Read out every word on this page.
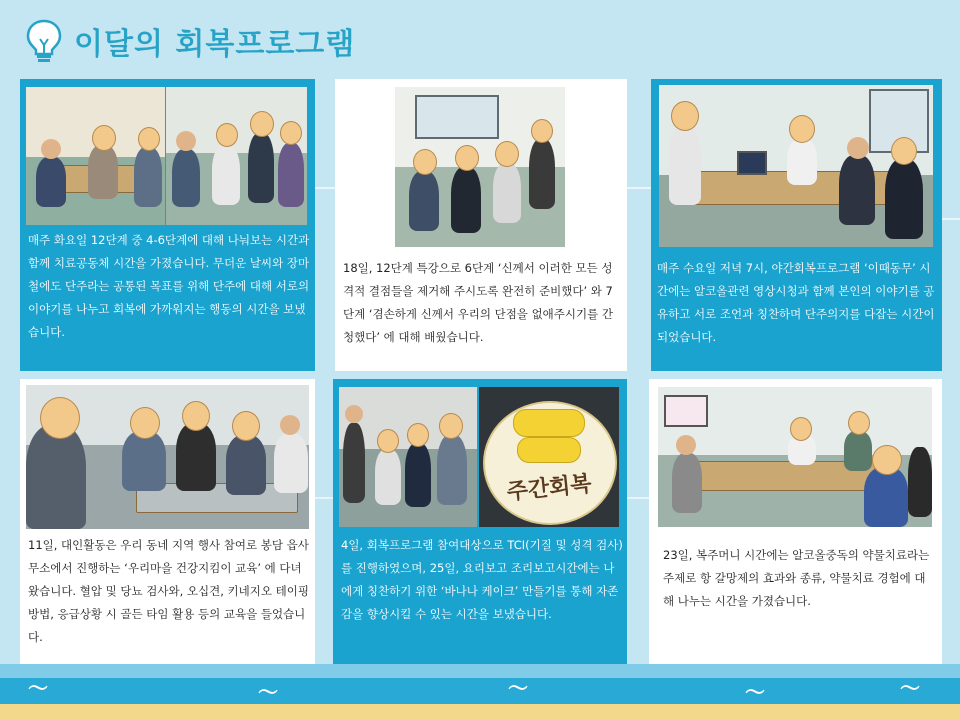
이달의 회복프로그램
매주 화요일 12단계 중 4-6단계에 대해 나눠보는 시간과 함께 치료공동체 시간을 가졌습니다. 무더운 날씨와 장마철에도 단주라는 공통된 목표를 위해 단주에 대해 서로의 이야기를 나누고 회복에 가까워지는 행동의 시간을 보냈습니다.
18일, 12단계 특강으로 6단계 ‘신께서 이러한 모든 성격적 결점들을 제거해 주시도록 완전히 준비했다’ 와 7단계 ‘겸손하게 신께서 우리의 단점을 없애주시기를 간청했다’ 에 대해 배웠습니다.
매주 수요일 저녁 7시, 야간회복프로그램 ‘이때동무’ 시간에는 알코올관련 영상시청과 함께 본인의 이야기를 공유하고 서로 조언과 칭찬하며 단주의지를 다잡는 시간이 되었습니다.
11일, 대인활동은 우리 동네 지역 행사 참여로 봉담 읍사무소에서 진행하는 ‘우리마을 건강지킴이 교육’ 에 다녀왔습니다. 혈압 및 당뇨 검사와, 오십견, 키네지오 테이핑 방법, 응급상황 시 골든 타임 활용 등의 교육을 들었습니다.
주간회복
4일, 회복프로그램 참여대상으로 TCI(기질 및 성격 검사)를 진행하였으며, 25일, 요리보고 조리보고시간에는 나에게 칭찬하기 위한 ‘바나나 케이크’ 만들기를 통해 자존감을 향상시킬 수 있는 시간을 보냈습니다.
23일, 복주머니 시간에는 알코올중독의 약물치료라는 주제로 항 갈망제의 효과와 종류, 약물치료 경험에 대해 나누는 시간을 가졌습니다.
〜	〜	〜	〜	〜
